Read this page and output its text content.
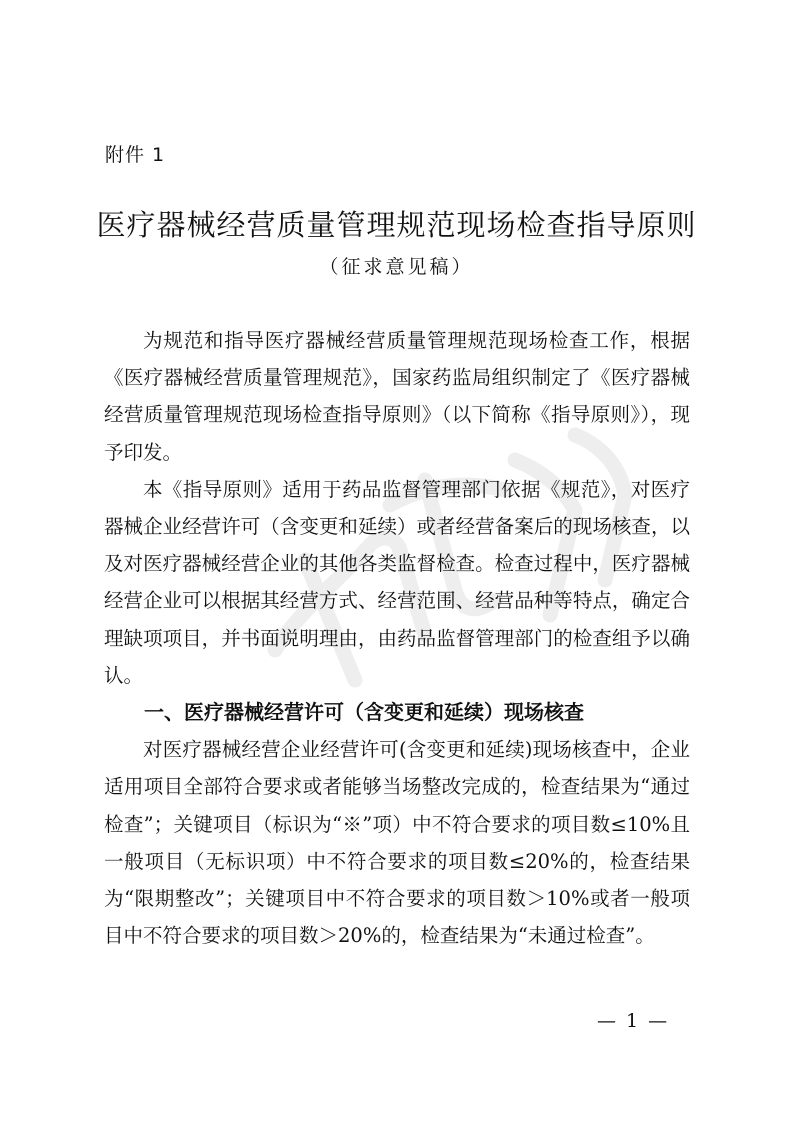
附件 1
医疗器械经营质量管理规范现场检查指导原则
（征求意见稿）

为规范和指导医疗器械经营质量管理规范现场检查工作，根据《医疗器械经营质量管理规范》，国家药监局组织制定了《医疗器械经营质量管理规范现场检查指导原则》（以下简称《指导原则》），现予印发。

本《指导原则》适用于药品监督管理部门依据《规范》，对医疗器械企业经营许可（含变更和延续）或者经营备案后的现场核查，以及对医疗器械经营企业的其他各类监督检查。检查过程中，医疗器械经营企业可以根据其经营方式、经营范围、经营品种等特点，确定合理缺项项目，并书面说明理由，由药品监督管理部门的检查组予以确认。

一、医疗器械经营许可（含变更和延续）现场核查

对医疗器械经营企业经营许可(含变更和延续)现场核查中，企业适用项目全部符合要求或者能够当场整改完成的，检查结果为“通过检查”；关键项目（标识为“※”项）中不符合要求的项目数≤10%且一般项目（无标识项）中不符合要求的项目数≤20%的，检查结果为“限期整改”；关键项目中不符合要求的项目数＞10%或者一般项目中不符合要求的项目数＞20%的，检查结果为“未通过检查”。

— 1 —
